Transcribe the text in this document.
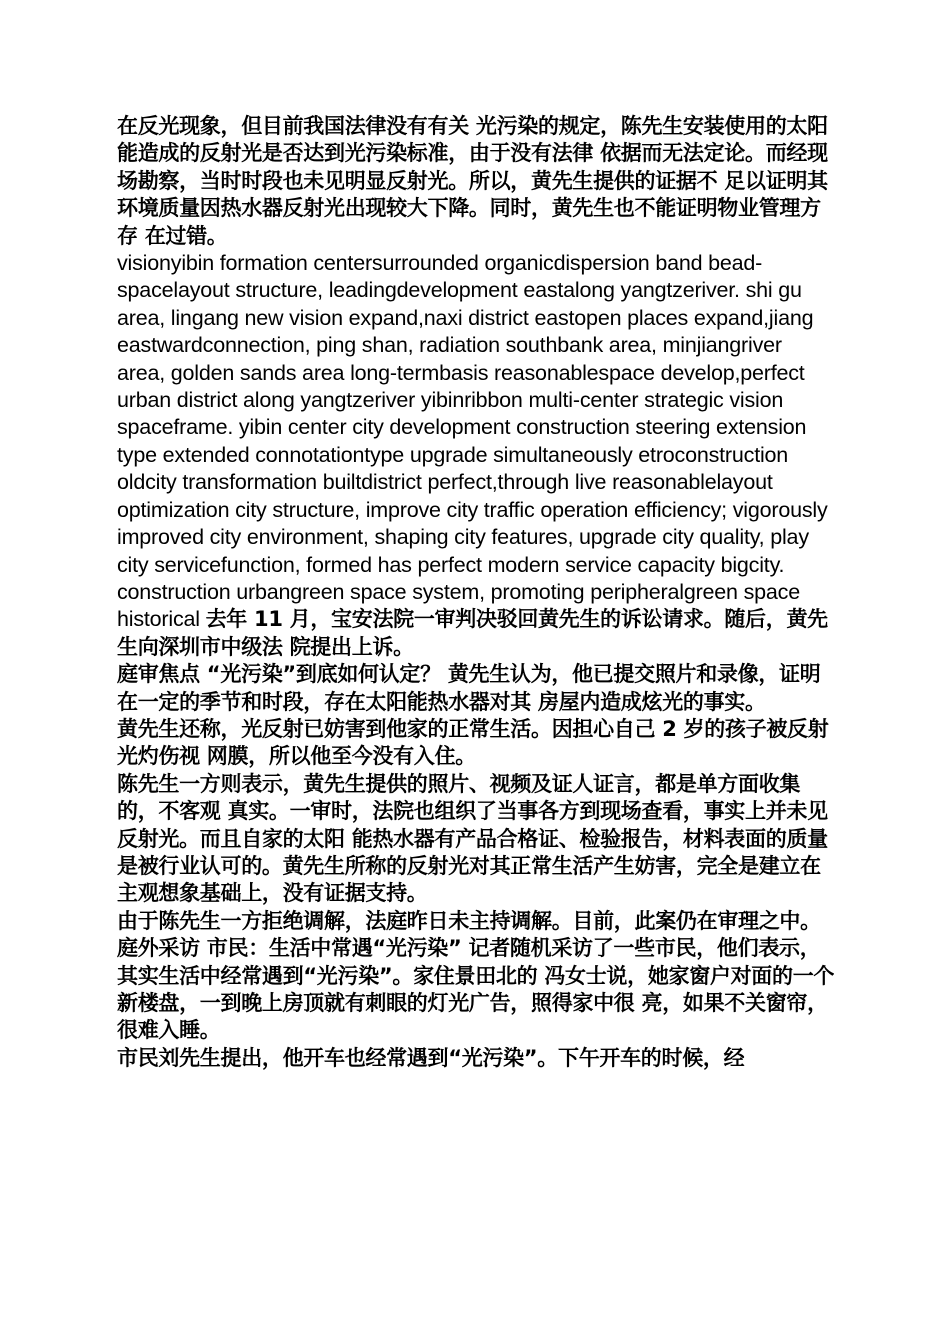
在反光现象，但目前我国法律没有有关 光污染的规定，陈先生安装使用的太阳能造成的反射光是否达到光污染标准，由于没有法律 依据而无法定论。而经现场勘察，当时时段也未见明显反射光。所以，黄先生提供的证据不 足以证明其环境质量因热水器反射光出现较大下降。同时，黄先生也不能证明物业管理方存 在过错。

visionyibin formation centersurrounded organicdispersion band bead-spacelayout structure, leadingdevelopment eastalong yangtzeriver. shi gu area, lingang new vision expand,naxi district eastopen places expand,jiang eastwardconnection, ping shan, radiation southbank area, minjiangriver area, golden sands area long-termbasis reasonablespace develop,perfect urban district along yangtzeriver yibinribbon multi-center strategic vision spaceframe. yibin center city development construction steering extension type extended connotationtype upgrade simultaneously etroconstruction oldcity transformation builtdistrict perfect,through live reasonablelayout optimization city structure, improve city traffic operation efficiency; vigorously improved city environment, shaping city features, upgrade city quality, play city servicefunction, formed has perfect modern service capacity bigcity. construction urbangreen space system, promoting peripheralgreen space historical 去年 11 月，宝安法院一审判决驳回黄先生的诉讼请求。随后，黄先生向深圳市中级法 院提出上诉。

庭审焦点 “光污染”到底如何认定？ 黄先生认为，他已提交照片和录像，证明在一定的季节和时段，存在太阳能热水器对其 房屋内造成炫光的事实。

黄先生还称，光反射已妨害到他家的正常生活。因担心自己 2 岁的孩子被反射光灼伤视 网膜，所以他至今没有入住。

陈先生一方则表示，黄先生提供的照片、视频及证人证言，都是单方面收集的，不客观 真实。一审时，法院也组织了当事各方到现场查看，事实上并未见反射光。而且自家的太阳 能热水器有产品合格证、检验报告，材料表面的质量是被行业认可的。黄先生所称的反射光对其正常生活产生妨害，完全是建立在主观想象基础上，没有证据支持。

由于陈先生一方拒绝调解，法庭昨日未主持调解。目前，此案仍在审理之中。

庭外采访 市民：生活中常遇“光污染” 记者随机采访了一些市民，他们表示，其实生活中经常遇到“光污染”。家住景田北的 冯女士说，她家窗户对面的一个新楼盘，一到晚上房顶就有刺眼的灯光广告，照得家中很 亮，如果不关窗帘，很难入睡。

市民刘先生提出，他开车也经常遇到“光污染”。下午开车的时候，经
